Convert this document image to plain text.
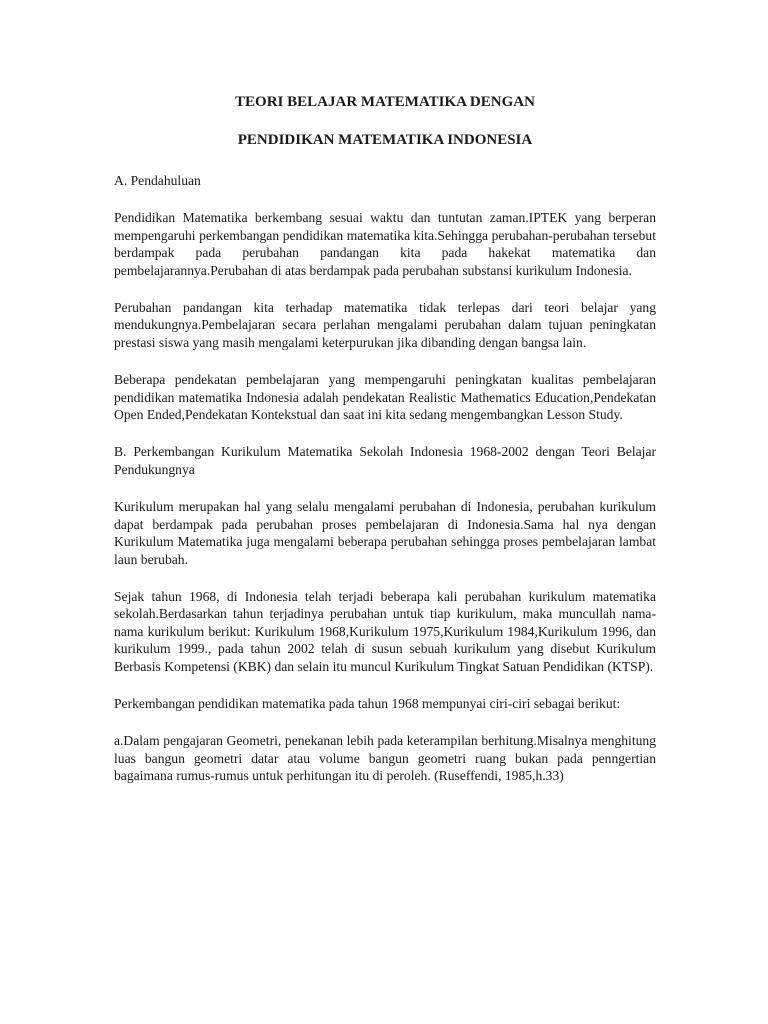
TEORI BELAJAR MATEMATIKA DENGAN
PENDIDIKAN MATEMATIKA INDONESIA

A. Pendahuluan

Pendidikan Matematika berkembang sesuai waktu dan tuntutan zaman.IPTEK yang berperan mempengaruhi perkembangan pendidikan matematika kita.Sehingga perubahan-perubahan tersebut berdampak pada perubahan pandangan kita pada hakekat matematika dan pembelajarannya.Perubahan di atas berdampak pada perubahan substansi kurikulum Indonesia.

Perubahan pandangan kita terhadap matematika tidak terlepas dari teori belajar yang mendukungnya.Pembelajaran secara perlahan mengalami perubahan dalam tujuan peningkatan prestasi siswa yang masih mengalami keterpurukan jika dibanding dengan bangsa lain.

Beberapa pendekatan pembelajaran yang mempengaruhi peningkatan kualitas pembelajaran pendidikan matematika Indonesia adalah pendekatan Realistic Mathematics Education,Pendekatan Open Ended,Pendekatan Kontekstual dan saat ini kita sedang mengembangkan Lesson Study.

B. Perkembangan Kurikulum Matematika Sekolah Indonesia 1968-2002 dengan Teori Belajar Pendukungnya

Kurikulum merupakan hal yang selalu mengalami perubahan di Indonesia, perubahan kurikulum dapat berdampak pada perubahan proses pembelajaran di Indonesia.Sama hal nya dengan Kurikulum Matematika juga mengalami beberapa perubahan sehingga proses pembelajaran lambat laun berubah.

Sejak tahun 1968, di Indonesia telah terjadi beberapa kali perubahan kurikulum matematika sekolah.Berdasarkan tahun terjadinya perubahan untuk tiap kurikulum, maka muncullah nama-nama kurikulum berikut: Kurikulum 1968,Kurikulum 1975,Kurikulum 1984,Kurikulum 1996, dan kurikulum 1999., pada tahun 2002 telah di susun sebuah kurikulum yang disebut Kurikulum Berbasis Kompetensi (KBK) dan selain itu muncul Kurikulum Tingkat Satuan Pendidikan (KTSP).

Perkembangan pendidikan matematika pada tahun 1968 mempunyai ciri-ciri sebagai berikut:

a.Dalam pengajaran Geometri, penekanan lebih pada keterampilan berhitung.Misalnya menghitung luas bangun geometri datar atau volume bangun geometri ruang bukan pada penngertian bagaimana rumus-rumus untuk perhitungan itu di peroleh. (Ruseffendi, 1985,h.33)
